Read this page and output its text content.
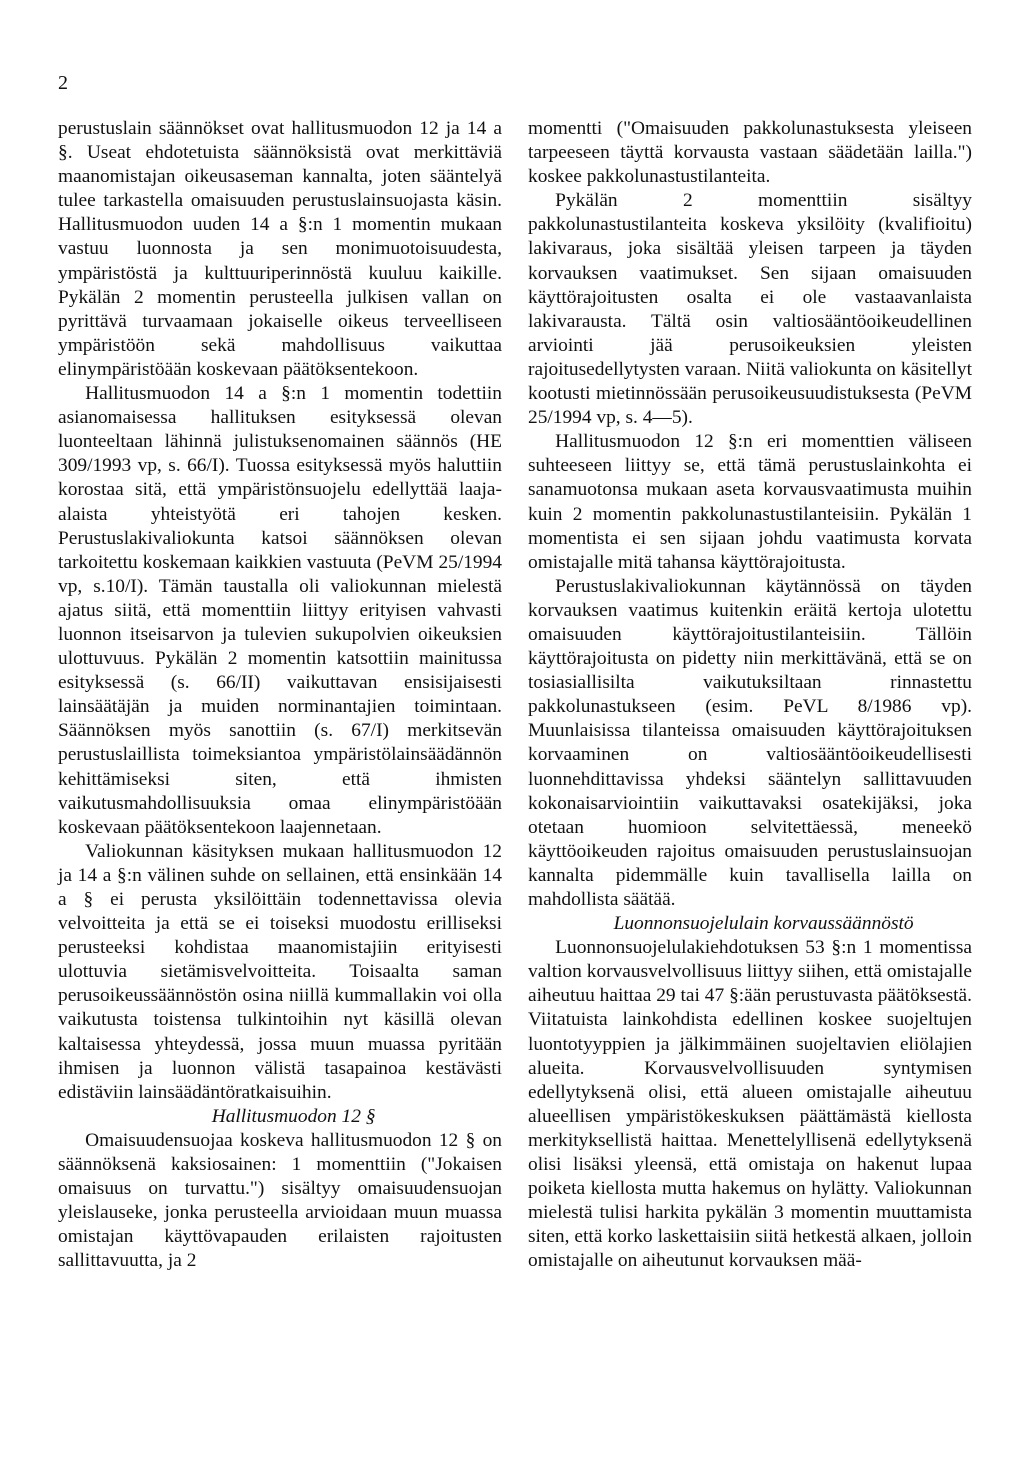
2

perustuslain säännökset ovat hallitusmuodon 12 ja 14 a §. Useat ehdotetuista säännöksistä ovat merkittäviä maanomistajan oikeusaseman kannalta, joten sääntelyä tulee tarkastella omaisuuden perustuslainsuojasta käsin. Hallitusmuodon uuden 14 a §:n 1 momentin mukaan vastuu luonnosta ja sen monimuotoisuudesta, ympäristöstä ja kulttuuriperinnöstä kuuluu kaikille. Pykälän 2 momentin perusteella julkisen vallan on pyrittävä turvaamaan jokaiselle oikeus terveelliseen ympäristöön sekä mahdollisuus vaikuttaa elinympäristöään koskevaan päätöksentekoon.

Hallitusmuodon 14 a §:n 1 momentin todettiin asianomaisessa hallituksen esityksessä olevan luonteeltaan lähinnä julistuksenomainen säännös (HE 309/1993 vp, s. 66/I). Tuossa esityksessä myös haluttiin korostaa sitä, että ympäristönsuojelu edellyttää laaja-alaista yhteistyötä eri tahojen kesken. Perustuslakivaliokunta katsoi säännöksen olevan tarkoitettu koskemaan kaikkien vastuuta (PeVM 25/1994 vp, s.10/I). Tämän taustalla oli valiokunnan mielestä ajatus siitä, että momenttiin liittyy erityisen vahvasti luonnon itseisarvon ja tulevien sukupolvien oikeuksien ulottuvuus. Pykälän 2 momentin katsottiin mainitussa esityksessä (s. 66/II) vaikuttavan ensisijaisesti lainsäätäjän ja muiden norminantajien toimintaan. Säännöksen myös sanottiin (s. 67/I) merkitsevän perustuslaillista toimeksiantoa ympäristölainsäädännön kehittämiseksi siten, että ihmisten vaikutusmahdollisuuksia omaa elinympäristöään koskevaan päätöksentekoon laajennetaan.

Valiokunnan käsityksen mukaan hallitusmuodon 12 ja 14 a §:n välinen suhde on sellainen, että ensinkään 14 a § ei perusta yksilöittäin todennettavissa olevia velvoitteita ja että se ei toiseksi muodostu erilliseksi perusteeksi kohdistaa maanomistajiin erityisesti ulottuvia sietämisvelvoitteita. Toisaalta saman perusoikeussäännöstön osina niillä kummallakin voi olla vaikutusta toistensa tulkintoihin nyt käsillä olevan kaltaisessa yhteydessä, jossa muun muassa pyritään ihmisen ja luonnon välistä tasapainoa kestävästi edistäviin lainsäädäntöratkaisuihin.

Hallitusmuodon 12 §

Omaisuudensuojaa koskeva hallitusmuodon 12 § on säännöksenä kaksiosainen: 1 momenttiin ("Jokaisen omaisuus on turvattu.") sisältyy omaisuudensuojan yleislauseke, jonka perusteella arvioidaan muun muassa omistajan käyttövapauden erilaisten rajoitusten sallittavuutta, ja 2

momentti ("Omaisuuden pakkolunastuksesta yleiseen tarpeeseen täyttä korvausta vastaan säädetään lailla.") koskee pakkolunastustilanteita.

Pykälän 2 momenttiin sisältyy pakkolunastustilanteita koskeva yksilöity (kvalifioitu) lakivaraus, joka sisältää yleisen tarpeen ja täyden korvauksen vaatimukset. Sen sijaan omaisuuden käyttörajoitusten osalta ei ole vastaavanlaista lakivarausta. Tältä osin valtiosääntöoikeudellinen arviointi jää perusoikeuksien yleisten rajoitusedellytysten varaan. Niitä valiokunta on käsitellyt kootusti mietinnössään perusoikeusuudistuksesta (PeVM 25/1994 vp, s. 4—5).

Hallitusmuodon 12 §:n eri momenttien väliseen suhteeseen liittyy se, että tämä perustuslainkohta ei sanamuotonsa mukaan aseta korvausvaatimusta muihin kuin 2 momentin pakkolunastustilanteisiin. Pykälän 1 momentista ei sen sijaan johdu vaatimusta korvata omistajalle mitä tahansa käyttörajoitusta.

Perustuslakivaliokunnan käytännössä on täyden korvauksen vaatimus kuitenkin eräitä kertoja ulotettu omaisuuden käyttörajoitustilanteisiin. Tällöin käyttörajoitusta on pidetty niin merkittävänä, että se on tosiasiallisilta vaikutuksiltaan rinnastettu pakkolunastukseen (esim. PeVL 8/1986 vp). Muunlaisissa tilanteissa omaisuuden käyttörajoituksen korvaaminen on valtiosääntöoikeudellisesti luonnehdittavissa yhdeksi sääntelyn sallittavuuden kokonaisarviointiin vaikuttavaksi osatekijäksi, joka otetaan huomioon selvitettäessä, meneekö käyttöoikeuden rajoitus omaisuuden perustuslainsuojan kannalta pidemmälle kuin tavallisella lailla on mahdollista säätää.

Luonnonsuojelulain korvaussäännöstö

Luonnonsuojelulakiehdotuksen 53 §:n 1 momentissa valtion korvausvelvollisuus liittyy siihen, että omistajalle aiheutuu haittaa 29 tai 47 §:ään perustuvasta päätöksestä. Viitatuista lainkohdista edellinen koskee suojeltujen luontotyyppien ja jälkimmäinen suojeltavien eliölajien alueita. Korvausvelvollisuuden syntymisen edellytyksenä olisi, että alueen omistajalle aiheutuu alueellisen ympäristökeskuksen päättämästä kiellosta merkityksellistä haittaa. Menettelyllisenä edellytyksenä olisi lisäksi yleensä, että omistaja on hakenut lupaa poiketa kiellosta mutta hakemus on hylätty. Valiokunnan mielestä tulisi harkita pykälän 3 momentin muuttamista siten, että korko laskettaisiin siitä hetkestä alkaen, jolloin omistajalle on aiheutunut korvauksen mää-
